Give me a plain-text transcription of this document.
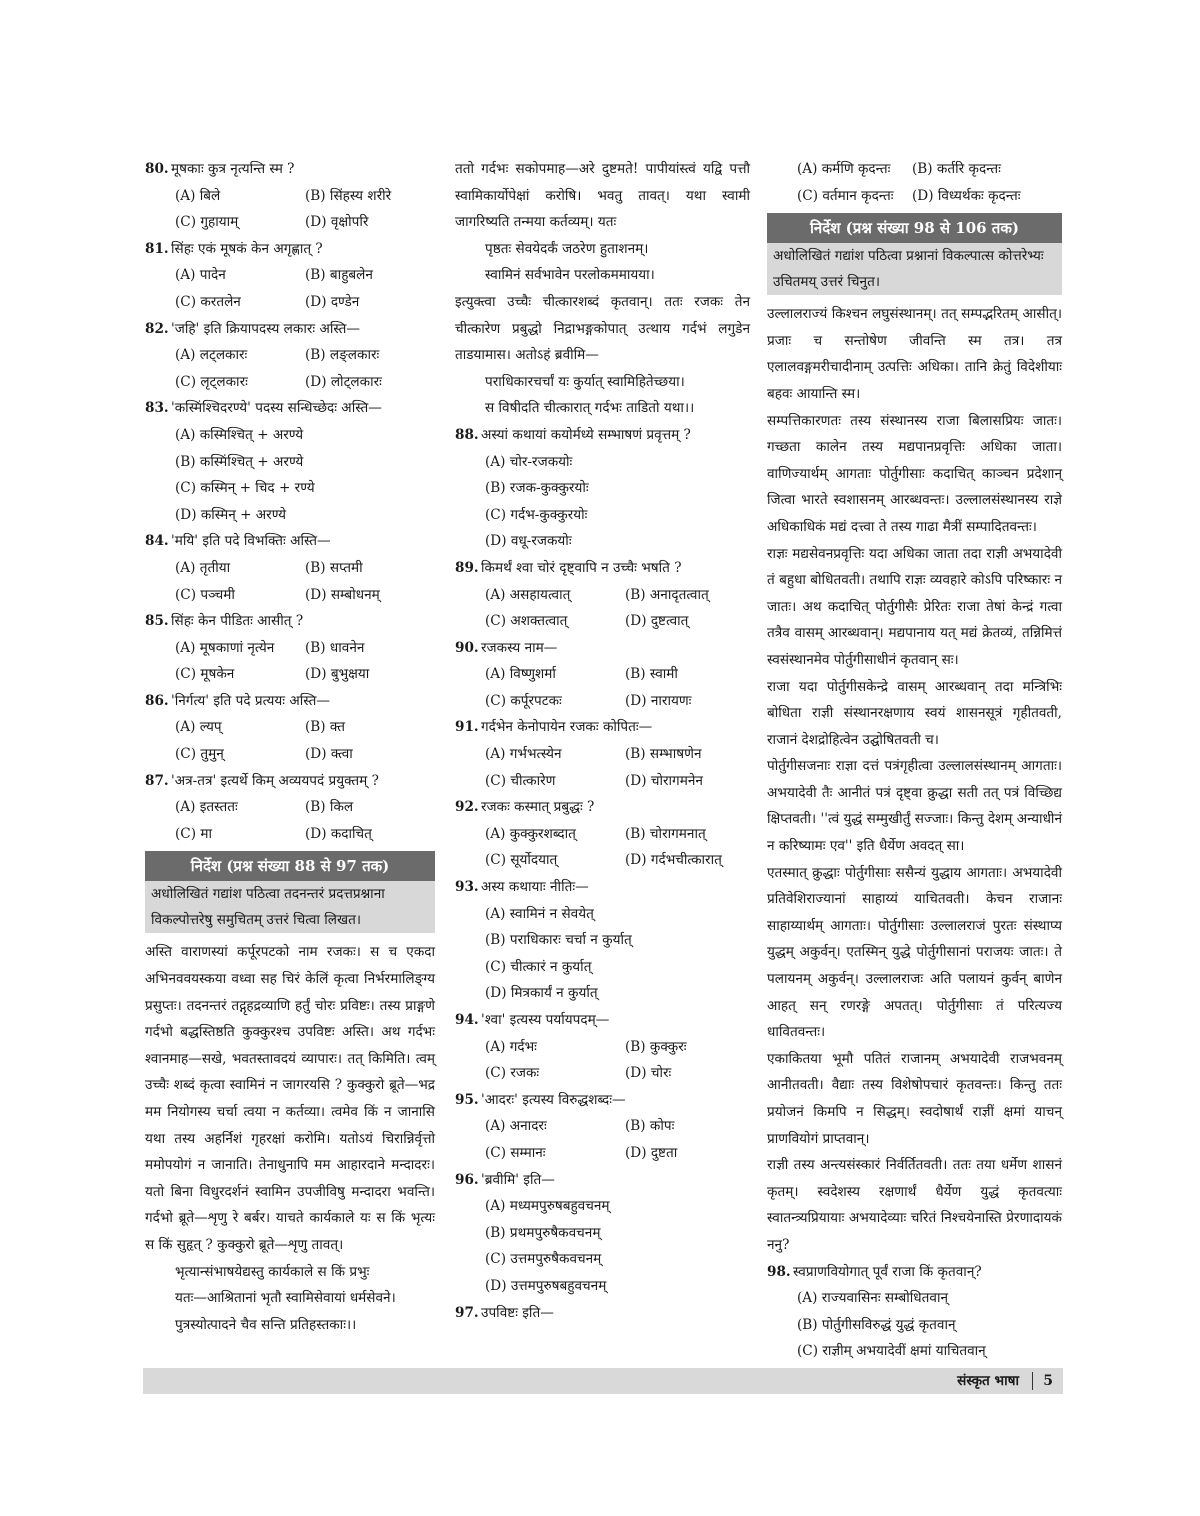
80. मूषकाः कुत्र नृत्यन्ति स्म ?
(A) बिले	(B) सिंहस्य शरीरे
(C) गुहायाम्	(D) वृक्षोपरि
81. सिंहः एकं मूषकं केन अगृह्णात् ?
(A) पादेन	(B) बाहुबलेन
(C) करतलेन	(D) दण्डेन
82. 'जहि' इति क्रियापदस्य लकारः अस्ति—
(A) लट्लकारः	(B) लङ्लकारः
(C) लृट्लकारः	(D) लोट्लकारः
83. 'कस्मिंश्चिदरण्ये' पदस्य सन्धिच्छेदः अस्ति—
(A) कस्मिश्चित् + अरण्ये
(B) कस्मिंश्चित् + अरण्ये
(C) कस्मिन् + चिद + रण्ये
(D) कस्मिन् + अरण्ये
84. 'मयि' इति पदे विभक्तिः अस्ति—
(A) तृतीया	(B) सप्तमी
(C) पञ्चमी	(D) सम्बोधनम्
85. सिंहः केन पीडितः आसीत् ?
(A) मूषकाणां नृत्येन	(B) धावनेन
(C) मूषकेन	(D) बुभुक्षया
86. 'निर्गत्य' इति पदे प्रत्ययः अस्ति—
(A) ल्यप्	(B) क्त
(C) तुमुन्	(D) क्त्वा
87. 'अत्र-तत्र' इत्यर्थे किम् अव्ययपदं प्रयुक्तम् ?
(A) इतस्ततः	(B) किल
(C) मा	(D) कदाचित्
निर्देश (प्रश्न संख्या 88 से 97 तक)
अधोलिखितं गद्यांश पठित्वा तदनन्तरं प्रदत्तप्रश्नाना विकल्पोत्तरेषु समुचितम् उत्तरं चित्वा लिखत।

अस्ति वाराणस्यां कर्पूरपटको नाम रजकः। स च एकदा अभिनववयस्कया वध्वा सह चिरं केलिं कृत्वा निर्भरमालिङ्ग्य प्रसुप्तः। तदनन्तरं तद्गृहद्रव्याणि हर्तुं चोरः प्रविष्टः। तस्य प्राङ्गणे गर्दभो बद्धस्तिष्ठति कुक्कुरश्च उपविष्टः अस्ति। अथ गर्दभः श्वानमाह—सखे, भवतस्तावदयं व्यापारः। तत् किमिति। त्वम् उच्चैः शब्दं कृत्वा स्वामिनं न जागरयसि ? कुक्कुरो ब्रूते—भद्र मम नियोगस्य चर्चा त्वया न कर्तव्या। त्वमेव किं न जानासि यथा तस्य अहर्निशं गृहरक्षां करोमि। यतोऽयं चिरान्निर्वृत्तो ममोपयोगं न जानाति। तेनाधुनापि मम आहारदाने मन्दादरः। यतो बिना विधुरदर्शनं स्वामिन उपजीविषु मन्दादरा भवन्ति। गर्दभो ब्रूते—शृणु रे बर्बर। याचते कार्यकाले यः स किं भृत्यः स किं सुहृत् ? कुक्कुरो ब्रूते—शृणु तावत्।

भृत्यान्संभाषयेद्यस्तु कार्यकाले स किं प्रभुः
यतः—आश्रितानां भृतौ स्वामिसेवायां धर्मसेवने।
पुत्रस्योत्पादने चैव सन्ति प्रतिहस्तकाः।।

ततो गर्दभः सकोपमाह—अरे दुष्टमते! पापीयांस्त्वं यद्वि पत्तौ स्वामिकार्योपेक्षां करोषि। भवतु तावत्। यथा स्वामी जागरिष्यति तन्मया कर्तव्यम्। यतः

पृष्ठतः सेवयेदर्कं जठरेण हुताशनम्।
स्वामिनं सर्वभावेन परलोकममायया।

इत्युक्त्वा उच्चैः चीत्कारशब्दं कृतवान्। ततः रजकः तेन चीत्कारेण प्रबुद्धो निद्राभङ्गकोपात् उत्थाय गर्दभं लगुडेन ताडयामास। अतोऽहं ब्रवीमि—

पराधिकारचर्चां यः कुर्यात् स्वामिहितेच्छया।
स विषीदति चीत्कारात् गर्दभः ताडितो यथा।।
88. अस्यां कथायां कयोर्मध्ये सम्भाषणं प्रवृत्तम् ?
(A) चोर-रजकयोः
(B) रजक-कुक्कुरयोः
(C) गर्दभ-कुक्कुरयोः
(D) वधू-रजकयोः
89. किमर्थं श्वा चोरं दृष्ट्वापि न उच्चैः भषति ?
(A) असहायत्वात्	(B) अनादृतत्वात्
(C) अशक्तत्वात्	(D) दुष्टत्वात्
90. रजकस्य नाम—
(A) विष्णुशर्मा	(B) स्वामी
(C) कर्पूरपटकः	(D) नारायणः
91. गर्दभेन केनोपायेन रजकः कोपितः—
(A) गर्भभत्स्येन	(B) सम्भाषणेन
(C) चीत्कारेण	(D) चोरागमनेन
92. रजकः कस्मात् प्रबुद्धः ?
(A) कुक्कुरशब्दात्	(B) चोरागमनात्
(C) सूर्योदयात्	(D) गर्दभचीत्कारात्
93. अस्य कथायाः नीतिः—
(A) स्वामिनं न सेवयेत्
(B) पराधिकारः चर्चा न कुर्यात्
(C) चीत्कारं न कुर्यात्
(D) मित्रकार्यं न कुर्यात्
94. 'श्वा' इत्यस्य पर्यायपदम्—
(A) गर्दभः	(B) कुक्कुरः
(C) रजकः	(D) चोरः
95. 'आदरः' इत्यस्य विरुद्धशब्दः—
(A) अनादरः	(B) कोपः
(C) सम्मानः	(D) दुष्टता
96. 'ब्रवीमि' इति—
(A) मध्यमपुरुषबहुवचनम्
(B) प्रथमपुरुषैकवचनम्
(C) उत्तमपुरुषैकवचनम्
(D) उत्तमपुरुषबहुवचनम्
97. उपविष्टः इति—
(A) कर्मणि कृदन्तः	(B) कर्तरि कृदन्तः
(C) वर्तमान कृदन्तः	(D) विध्यर्थकः कृदन्तः
निर्देश (प्रश्न संख्या 98 से 106 तक)
अधोलिखितं गद्यांश पठित्वा प्रश्नानां विकल्पात्स कोत्तरेभ्यः उचितमय् उत्तरं चिनुत।

उल्लालराज्यं किश्चन लघुसंस्थानम्। तत् सम्पद्भरितम् आसीत्। प्रजाः च सन्तोषेण जीवन्ति स्म तत्र। तत्र एलालवङ्गमरीचादीनाम् उत्पत्तिः अधिका। तानि क्रेतुं विदेशीयाः बहवः आयान्ति स्म।

सम्पत्तिकारणतः तस्य संस्थानस्य राजा बिलासप्रियः जातः। गच्छता कालेन तस्य मद्यपानप्रवृत्तिः अधिका जाता। वाणिज्यार्थम् आगताः पोर्तुगीसाः कदाचित् काञ्चन प्रदेशान् जित्वा भारते स्वशासनम् आरब्धवन्तः। उल्लालसंस्थानस्य राज्ञे अधिकाधिकं मद्यं दत्त्वा ते तस्य गाढा मैत्रीं सम्पादितवन्तः।

राज्ञः मद्यसेवनप्रवृत्तिः यदा अधिका जाता तदा राज्ञी अभयादेवी तं बहुधा बोधितवती। तथापि राज्ञः व्यवहारे कोऽपि परिष्कारः न जातः। अथ कदाचित् पोर्तुगीसैः प्रेरितः राजा तेषां केन्द्रं गत्वा तत्रैव वासम् आरब्धवान्। मद्यपानाय यत् मद्यं क्रेतव्यं, तन्निमित्तं स्वसंस्थानमेव पोर्तुगीसाधीनं कृतवान् सः।

राजा यदा पोर्तुगीसकेन्द्रे वासम् आरब्धवान् तदा मन्त्रिभिः बोधिता राज्ञी संस्थानरक्षणाय स्वयं शासनसूत्रं गृहीतवती, राजानं देशद्रोहित्वेन उद्घोषितवती च।

पोर्तुगीसजनाः राज्ञा दत्तं पत्रंगृहीत्वा उल्लालसंस्थानम् आगताः। अभयादेवी तैः आनीतं पत्रं दृष्ट्वा क्रुद्धा सती तत् पत्रं विच्छिद्य क्षिप्तवती। ''त्वं युद्धं सम्मुखीर्तुं सज्जाः। किन्तु देशम् अन्याधीनं न करिष्यामः एव'' इति धैर्येण अवदत् सा।

एतस्मात् क्रुद्धाः पोर्तुगीसाः ससैन्यं युद्धाय आगताः। अभयादेवी प्रतिवेशिराज्यानां साहाय्यं याचितवती। केचन राजानः साहाय्यार्थम् आगताः। पोर्तुगीसाः उल्लालराजं पुरतः संस्थाप्य युद्धम् अकुर्वन्। एतस्मिन् युद्धे पोर्तुगीसानां पराजयः जातः। ते पलायनम् अकुर्वन्। उल्लालराजः अति पलायनं कुर्वन् बाणेन आहत् सन् रणरङ्गे अपतत्। पोर्तुगीसाः तं परित्यज्य धावितवन्तः।

एकाकितया भूमौ पतितं राजानम् अभयादेवी राजभवनम् आनीतवती। वैद्याः तस्य विशेषोपचारं कृतवन्तः। किन्तु ततः प्रयोजनं किमपि न सिद्धम्। स्वदोषार्थं राज्ञीं क्षमां याचन् प्राणवियोगं प्राप्तवान्।

राज्ञी तस्य अन्त्यसंस्कारं निर्वर्तितवती। ततः तया धर्मेण शासनं कृतम्। स्वदेशस्य रक्षणार्थं धैर्येण युद्धं कृतवत्याः स्वातन्त्र्यप्रियायाः अभयादेव्याः चरितं निश्चयेनास्ति प्रेरणादायकं ननु?

98. स्वप्राणवियोगात् पूर्वं राजा किं कृतवान्?
(A) राज्यवासिनः सम्बोधितवान्
(B) पोर्तुगीसविरुद्धं युद्धं कृतवान्
(C) राज्ञीम् अभयादेवीं क्षमां याचितवान्
संस्कृत भाषा 5
